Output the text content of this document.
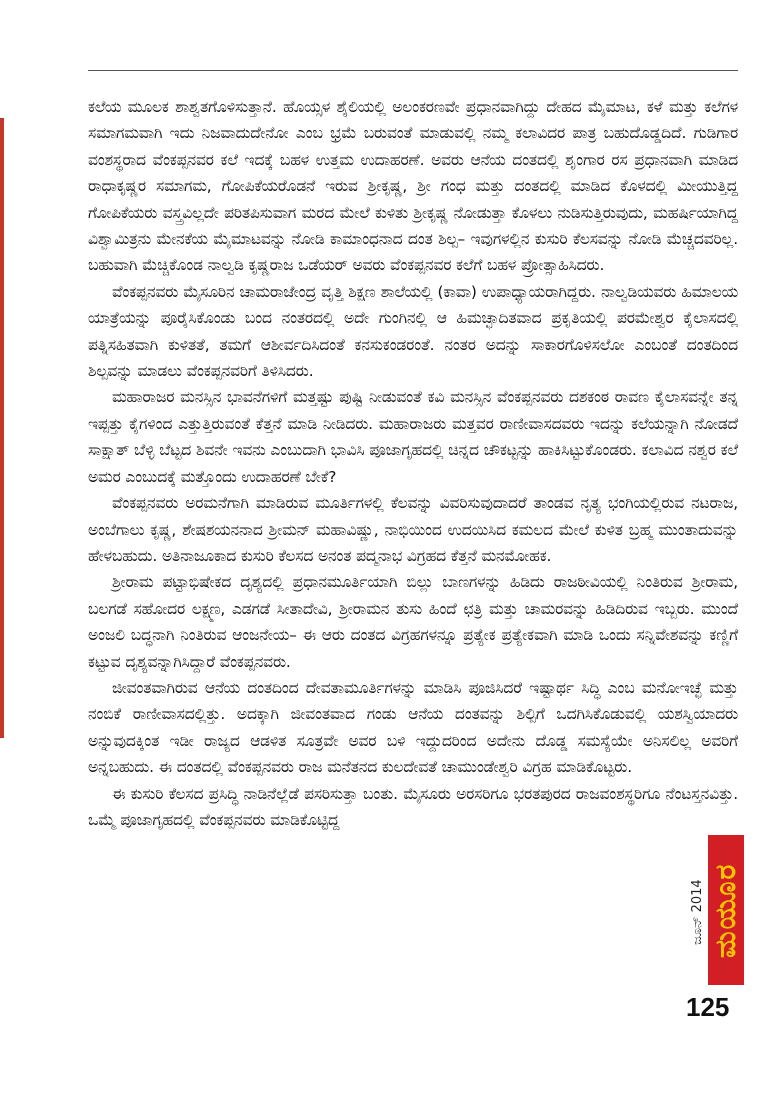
ಕಲೆಯ ಮೂಲಕ ಶಾಶ್ವತಗೊಳಿಸುತ್ತಾನೆ. ಹೊಯ್ಸಳ ಶೈಲಿಯಲ್ಲಿ ಅಲಂಕರಣವೇ ಪ್ರಧಾನವಾಗಿದ್ದು ದೇಹದ ಮೈಮಾಟ, ಕಳೆ ಮತ್ತು ಕಲೆಗಳ ಸಮಾಗಮವಾಗಿ ಇದು ನಿಜವಾದುದೇನೋ ಎಂಬ ಭ್ರಮೆ ಬರುವಂತೆ ಮಾಡುವಲ್ಲಿ ನಮ್ಮ ಕಲಾವಿದರ ಪಾತ್ರ ಬಹುದೊಡ್ಡದಿದೆ. ಗುಡಿಗಾರ ವಂಶಸ್ಥರಾದ ವೆಂಕಪ್ಪನವರ ಕಲೆ ಇದಕ್ಕೆ ಬಹಳ ಉತ್ತಮ ಉದಾಹರಣೆ. ಅವರು ಆನೆಯ ದಂತದಲ್ಲಿ ಶೃಂಗಾರ ರಸ ಪ್ರಧಾನವಾಗಿ ಮಾಡಿದ ರಾಧಾಕೃಷ್ಣರ ಸಮಾಗಮ, ಗೋಪಿಕೆಯರೊಡನೆ ಇರುವ ಶ್ರೀಕೃಷ್ಣ, ಶ್ರೀ ಗಂಧ ಮತ್ತು ದಂತದಲ್ಲಿ ಮಾಡಿದ ಕೊಳದಲ್ಲಿ ಮೀಯುತ್ತಿದ್ದ ಗೋಪಿಕೆಯರು ವಸ್ತ್ರವಿಲ್ಲದೇ ಪರಿತಪಿಸುವಾಗ ಮರದ ಮೇಲೆ ಕುಳಿತು ಶ್ರೀಕೃಷ್ಣ ನೋಡುತ್ತಾ ಕೊಳಲು ನುಡಿಸುತ್ತಿರುವುದು, ಮಹರ್ಷಿಯಾಗಿದ್ದ ವಿಶ್ವಾಮಿತ್ರನು ಮೇನಕೆಯ ಮೈಮಾಟವನ್ನು ನೋಡಿ ಕಾಮಾಂಧನಾದ ದಂತ ಶಿಲ್ಪ– ಇವುಗಳಲ್ಲಿನ ಕುಸುರಿ ಕೆಲಸವನ್ನು ನೋಡಿ ಮೆಚ್ಚದವರಿಲ್ಲ. ಬಹುವಾಗಿ ಮೆಚ್ಚಿಕೊಂಡ ನಾಲ್ವಡಿ ಕೃಷ್ಣರಾಜ ಒಡೆಯರ್ ಅವರು ವೆಂಕಪ್ಪನವರ ಕಲೆಗೆ ಬಹಳ ಪ್ರೋತ್ಸಾಹಿಸಿದರು.

ವೆಂಕಪ್ಪನವರು ಮೈಸೂರಿನ ಚಾಮರಾಜೇಂದ್ರ ವೃತ್ತಿ ಶಿಕ್ಷಣ ಶಾಲೆಯಲ್ಲಿ (ಕಾವಾ) ಉಪಾಧ್ಯಾಯರಾಗಿದ್ದರು. ನಾಲ್ವಡಿಯವರು ಹಿಮಾಲಯ ಯಾತ್ರೆಯನ್ನು ಪೂರೈಸಿಕೊಂಡು ಬಂದ ನಂತರದಲ್ಲಿ ಅದೇ ಗುಂಗಿನಲ್ಲಿ ಆ ಹಿಮಚ್ಛಾದಿತವಾದ ಪ್ರಕೃತಿಯಲ್ಲಿ ಪರಮೇಶ್ವರ ಕೈಲಾಸದಲ್ಲಿ ಪತ್ನಿಸಹಿತವಾಗಿ ಕುಳಿತತೆ, ತಮಗೆ ಆಶೀರ್ವದಿಸಿದಂತೆ ಕನಸುಕಂಡರಂತೆ. ನಂತರ ಅದನ್ನು ಸಾಕಾರಗೊಳಿಸಲೋ ಎಂಬಂತೆ ದಂತದಿಂದ ಶಿಲ್ಪವನ್ನು ಮಾಡಲು ವೆಂಕಪ್ಪನವರಿಗೆ ತಿಳಿಸಿದರು.

ಮಹಾರಾಜರ ಮನಸ್ಸಿನ ಭಾವನೆಗಳಿಗೆ ಮತ್ತಷ್ಟು ಪುಷ್ಟಿ ನೀಡುವಂತೆ ಕವಿ ಮನಸ್ಸಿನ ವೆಂಕಪ್ಪನವರು ದಶಕಂಠ ರಾವಣ ಕೈಲಾಸವನ್ನೇ ತನ್ನ ಇಪ್ಪತ್ತು ಕೈಗಳಿಂದ ಎತ್ತುತ್ತಿರುವಂತೆ ಕೆತ್ತನೆ ಮಾಡಿ ನೀಡಿದರು. ಮಹಾರಾಜರು ಮತ್ತವರ ರಾಣೀವಾಸದವರು ಇದನ್ನು ಕಲೆಯನ್ನಾಗಿ ನೋಡದೆ ಸಾಕ್ಷಾತ್ ಬೆಳ್ಳಿ ಬೆಟ್ಟದ ಶಿವನೇ ಇವನು ಎಂಬುದಾಗಿ ಭಾವಿಸಿ ಪೂಜಾಗೃಹದಲ್ಲಿ ಚಿನ್ನದ ಚೌಕಟ್ಟನ್ನು ಹಾಕಿಸಿಟ್ಟುಕೊಂಡರು. ಕಲಾವಿದ ನಶ್ವರ ಕಲೆ ಅಮರ ಎಂಬುದಕ್ಕೆ ಮತ್ತೊಂದು ಉದಾಹರಣೆ ಬೇಕೆ?

ವೆಂಕಪ್ಪನವರು ಅರಮನೆಗಾಗಿ ಮಾಡಿರುವ ಮೂರ್ತಿಗಳಲ್ಲಿ ಕೆಲವನ್ನು ವಿವರಿಸುವುದಾದರೆ ತಾಂಡವ ನೃತ್ಯ ಭಂಗಿಯಲ್ಲಿರುವ ನಟರಾಜ, ಅಂಬೆಗಾಲು ಕೃಷ್ಣ, ಶೇಷಶಯನನಾದ ಶ್ರೀಮನ್ ಮಹಾವಿಷ್ಣು, ನಾಭಿಯಿಂದ ಉದಯಿಸಿದ ಕಮಲದ ಮೇಲೆ ಕುಳಿತ ಬ್ರಹ್ಮ ಮುಂತಾದುವನ್ನು ಹೇಳಬಹುದು. ಅತಿನಾಜೂಕಾದ ಕುಸುರಿ ಕೆಲಸದ ಅನಂತ ಪದ್ಮನಾಭ ವಿಗ್ರಹದ ಕೆತ್ತನೆ ಮನಮೋಹಕ.

ಶ್ರೀರಾಮ ಪಟ್ಟಾಭಿಷೇಕದ ದೃಶ್ಯದಲ್ಲಿ ಪ್ರಧಾನಮೂರ್ತಿಯಾಗಿ ಬಿಲ್ಲು ಬಾಣಗಳನ್ನು ಹಿಡಿದು ರಾಜಠೀವಿಯಲ್ಲಿ ನಿಂತಿರುವ ಶ್ರೀರಾಮ, ಬಲಗಡೆ ಸಹೋದರ ಲಕ್ಷ್ಮಣ, ಎಡಗಡೆ ಸೀತಾದೇವಿ, ಶ್ರೀರಾಮನ ತುಸು ಹಿಂದೆ ಛತ್ರಿ ಮತ್ತು ಚಾಮರವನ್ನು ಹಿಡಿದಿರುವ ಇಬ್ಬರು. ಮುಂದೆ ಅಂಜಲಿ ಬದ್ಧನಾಗಿ ನಿಂತಿರುವ ಆಂಜನೇಯ– ಈ ಆರು ದಂತದ ವಿಗ್ರಹಗಳನ್ನೂ ಪ್ರತ್ಯೇಕ ಪ್ರತ್ಯೇಕವಾಗಿ ಮಾಡಿ ಒಂದು ಸನ್ನಿವೇಶವನ್ನು ಕಣ್ಣಿಗೆ ಕಟ್ಟುವ ದೃಶ್ಯವನ್ನಾಗಿಸಿದ್ದಾರೆ ವೆಂಕಪ್ಪನವರು.

ಜೀವಂತವಾಗಿರುವ ಆನೆಯ ದಂತದಿಂದ ದೇವತಾಮೂರ್ತಿಗಳನ್ನು ಮಾಡಿಸಿ ಪೂಜಿಸಿದರೆ ಇಷ್ಟಾರ್ಥ ಸಿದ್ಧಿ ಎಂಬ ಮನೋಇಚ್ಛೆ ಮತ್ತು ನಂಬಿಕೆ ರಾಣೀವಾಸದಲ್ಲಿತ್ತು. ಅದಕ್ಕಾಗಿ ಜೀವಂತವಾದ ಗಂಡು ಆನೆಯ ದಂತವನ್ನು ಶಿಲ್ಪಿಗೆ ಒದಗಿಸಿಕೊಡುವಲ್ಲಿ ಯಶಸ್ವಿಯಾದರು ಅನ್ನುವುದಕ್ಕಿಂತ ಇಡೀ ರಾಜ್ಯದ ಆಡಳಿತ ಸೂತ್ರವೇ ಅವರ ಬಳಿ ಇದ್ದುದರಿಂದ ಅದೇನು ದೊಡ್ಡ ಸಮಸ್ಯೆಯೇ ಅನಿಸಲಿಲ್ಲ ಅವರಿಗೆ ಅನ್ನಬಹುದು. ಈ ದಂತದಲ್ಲಿ ವೆಂಕಪ್ಪನವರು ರಾಜ ಮನೆತನದ ಕುಲದೇವತೆ ಚಾಮುಂಡೇಶ್ವರಿ ವಿಗ್ರಹ ಮಾಡಿಕೊಟ್ಟರು.

ಈ ಕುಸುರಿ ಕೆಲಸದ ಪ್ರಸಿದ್ಧಿ ನಾಡಿನೆಲ್ಲೆಡೆ ಪಸರಿಸುತ್ತಾ ಬಂತು. ಮೈಸೂರು ಅರಸರಿಗೂ ಭರತಪುರದ ರಾಜವಂಶಸ್ಥರಿಗೂ ನೆಂಟಸ್ತನವಿತ್ತು. ಒಮ್ಮೆ ಪೂಜಾಗೃಹದಲ್ಲಿ ವೆಂಕಪ್ಪನವರು ಮಾಡಿಕೊಟ್ಟಿದ್ದ

ಜೂನ್ 2014 ಮಯೂರ
125
